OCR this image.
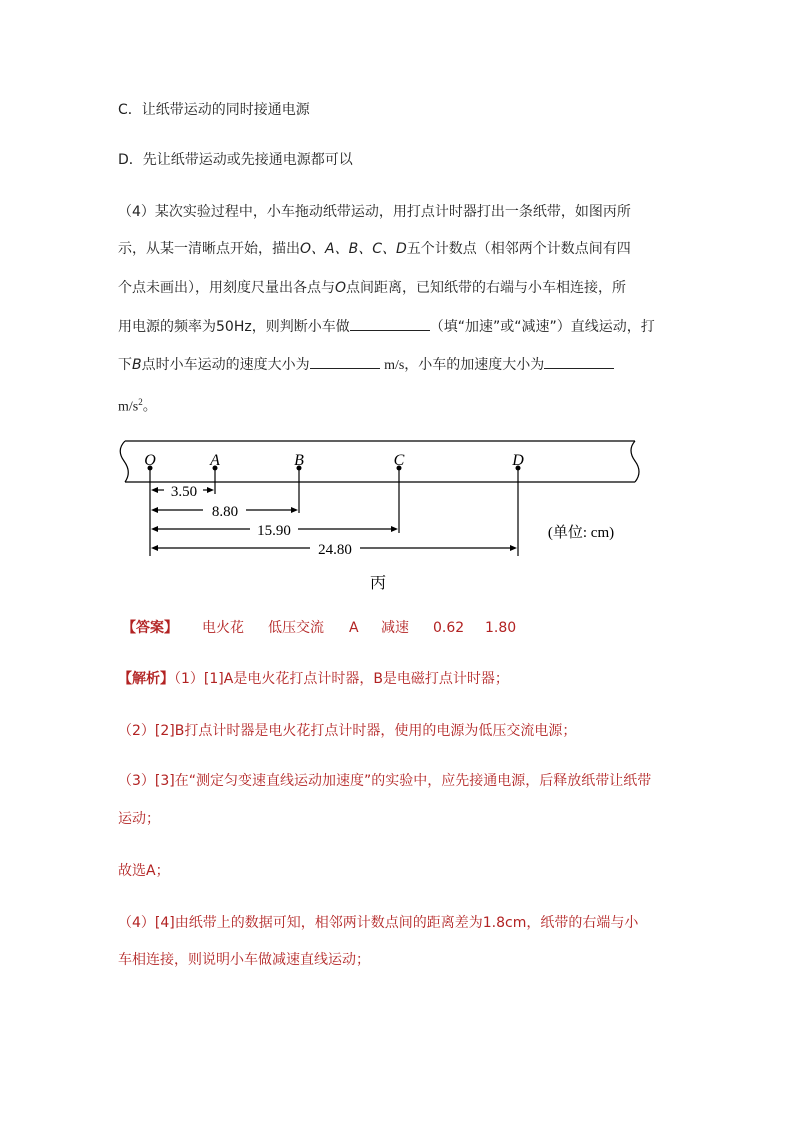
C．让纸带运动的同时接通电源
D．先让纸带运动或先接通电源都可以
（4）某次实验过程中，小车拖动纸带运动，用打点计时器打出一条纸带，如图丙所
示，从某一清晰点开始，描出O、A、B、C、D五个计数点（相邻两个计数点间有四
个点未画出），用刻度尺量出各点与O点间距离，已知纸带的右端与小车相连接，所
用电源的频率为50Hz，则判断小车做	（填“加速”或“减速”）直线运动，打
下B点时小车运动的速度大小为	m/s，小车的加速度大小为
$m/s^2$。
O	A	B	C	D
3.50
8.80
15.90
24.80
(单位: cm)
丙
【答案】 电火花 低压交流 A 减速 0.62 1.80
【解析】（1）[1]A是电火花打点计时器，B是电磁打点计时器；
（2）[2]B打点计时器是电火花打点计时器，使用的电源为低压交流电源；
（3）[3]在“测定匀变速直线运动加速度”的实验中，应先接通电源，后释放纸带让纸带
运动；
故选A；
（4）[4]由纸带上的数据可知，相邻两计数点间的距离差为1.8cm，纸带的右端与小
车相连接，则说明小车做减速直线运动；
